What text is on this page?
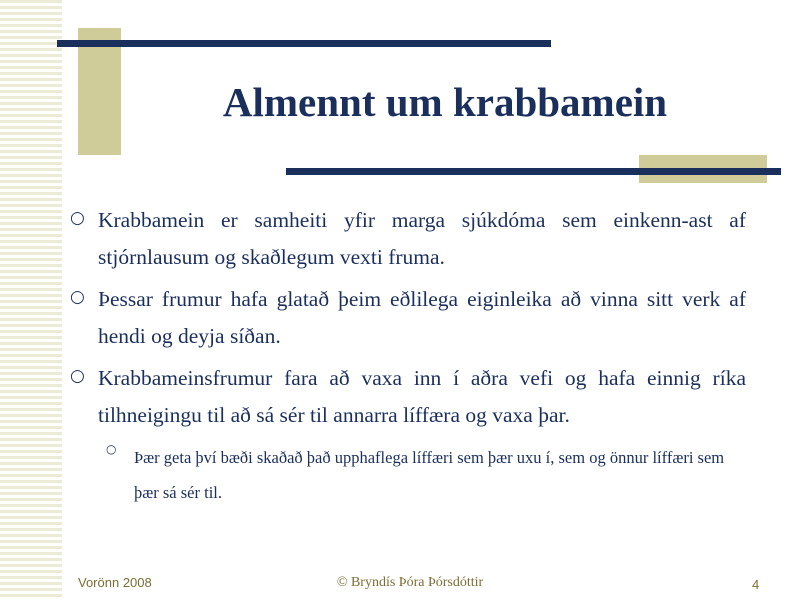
Almennt um krabbamein
○ Krabbamein er samheiti yfir marga sjúkdóma sem einkenn-ast af stjórnlausum og skaðlegum vexti fruma.
○ Þessar frumur hafa glatað þeim eðlilega eiginleika að vinna sitt verk af hendi og deyja síðan.
○ Krabbameinsfrumur fara að vaxa inn í aðra vefi og hafa einnig ríka tilhneigingu til að sá sér til annarra líffæra og vaxa þar.
○ Þær geta því bæði skaðað það upphaflega líffæri sem þær uxu í, sem og önnur líffæri sem þær sá sér til.
Vorönn 2008	© Bryndís Þóra Þórsdóttir	4
